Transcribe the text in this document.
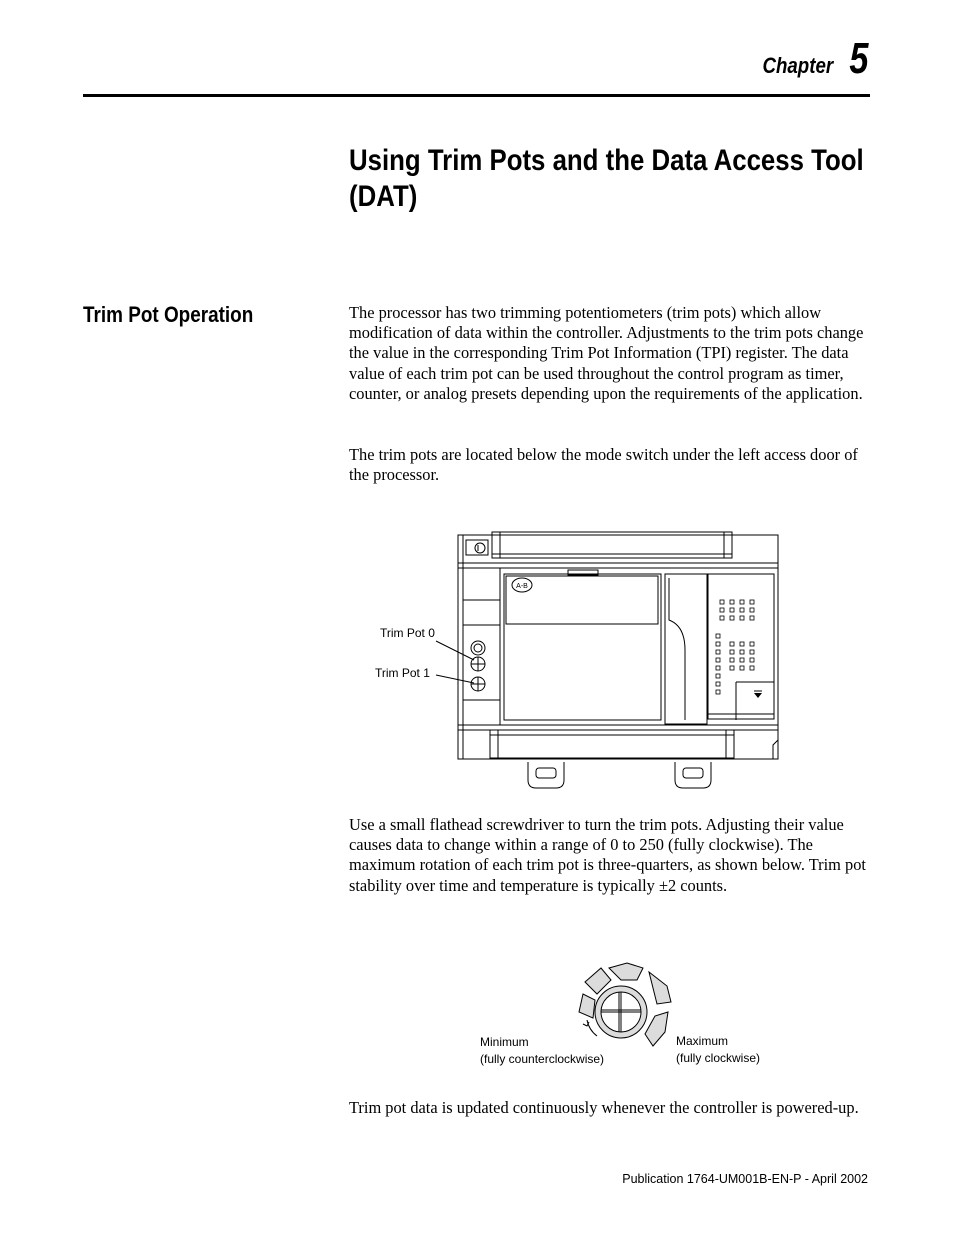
Chapter 5
Using Trim Pots and the Data Access Tool (DAT)
Trim Pot Operation	The processor has two trimming potentiometers (trim pots) which allow modification of data within the controller. Adjustments to the trim pots change the value in the corresponding Trim Pot Information (TPI) register. The data value of each trim pot can be used throughout the control program as timer, counter, or analog presets depending upon the requirements of the application.

The trim pots are located below the mode switch under the left access door of the processor.

A-B
Trim Pot 0
Trim Pot 1

Use a small flathead screwdriver to turn the trim pots. Adjusting their value causes data to change within a range of 0 to 250 (fully clockwise). The maximum rotation of each trim pot is three-quarters, as shown below. Trim pot stability over time and temperature is typically ±2 counts.

Minimum
(fully counterclockwise)
Maximum
(fully clockwise)

Trim pot data is updated continuously whenever the controller is powered-up.

Publication 1764-UM001B-EN-P - April 2002
